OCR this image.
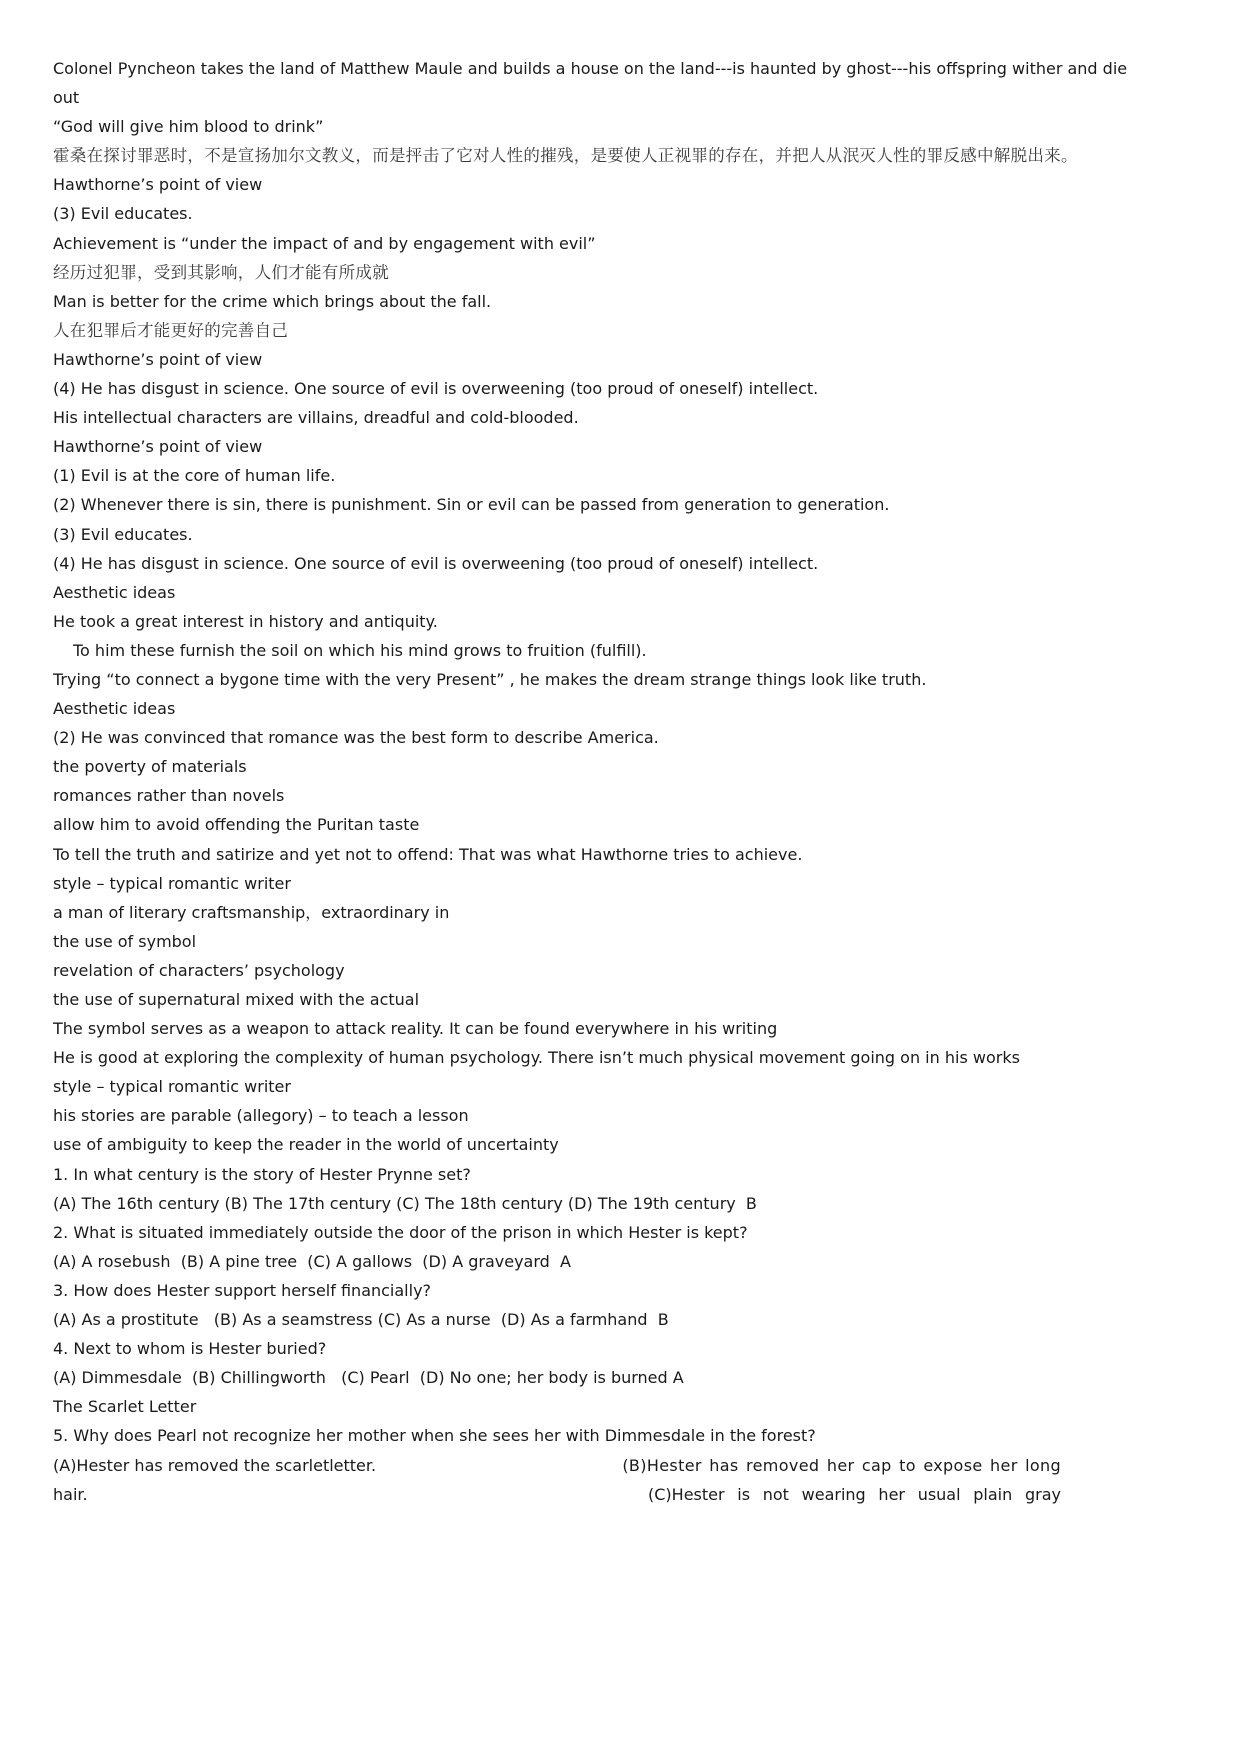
Colonel Pyncheon takes the land of Matthew Maule and builds a house on the land---is haunted by ghost---his offspring wither and die
out
“God will give him blood to drink”
霍桑在探讨罪恶时，不是宣扬加尔文教义，而是抨击了它对人性的摧残，是要使人正视罪的存在，并把人从泯灭人性的罪反感中解脱出来。
Hawthorne’s point of view
(3) Evil educates.
Achievement is “under the impact of and by engagement with evil”
经历过犯罪，受到其影响，人们才能有所成就
Man is better for the crime which brings about the fall.
人在犯罪后才能更好的完善自己
Hawthorne’s point of view
(4) He has disgust in science. One source of evil is overweening (too proud of oneself) intellect.
His intellectual characters are villains, dreadful and cold-blooded.
Hawthorne’s point of view
(1) Evil is at the core of human life.
(2) Whenever there is sin, there is punishment. Sin or evil can be passed from generation to generation.
(3) Evil educates.
(4) He has disgust in science. One source of evil is overweening (too proud of oneself) intellect.
Aesthetic ideas
He took a great interest in history and antiquity.
To him these furnish the soil on which his mind grows to fruition (fulfill).
Trying “to connect a bygone time with the very Present” , he makes the dream strange things look like truth.
Aesthetic ideas
(2) He was convinced that romance was the best form to describe America.
the poverty of materials
romances rather than novels
allow him to avoid offending the Puritan taste
To tell the truth and satirize and yet not to offend: That was what Hawthorne tries to achieve.
style – typical romantic writer
a man of literary craftsmanship，extraordinary in
the use of symbol
revelation of characters’ psychology
the use of supernatural mixed with the actual
The symbol serves as a weapon to attack reality. It can be found everywhere in his writing
He is good at exploring the complexity of human psychology. There isn’t much physical movement going on in his works
style – typical romantic writer
his stories are parable (allegory) – to teach a lesson
use of ambiguity to keep the reader in the world of uncertainty
1. In what century is the story of Hester Prynne set?
(A) The 16th century (B) The 17th century (C) The 18th century (D) The 19th century  B
2. What is situated immediately outside the door of the prison in which Hester is kept?
(A) A rosebush  (B) A pine tree  (C) A gallows  (D) A graveyard  A
3. How does Hester support herself financially?
(A) As a prostitute   (B) As a seamstress (C) As a nurse  (D) As a farmhand  B
4. Next to whom is Hester buried?
(A) Dimmesdale  (B) Chillingworth   (C) Pearl  (D) No one; her body is burned A
The Scarlet Letter
5. Why does Pearl not recognize her mother when she sees her with Dimmesdale in the forest?
(A)Hester has removed the scarletletter.	(B)Hester has removed her cap to expose her long
hair.	(C)Hester is not wearing her usual plain gray
